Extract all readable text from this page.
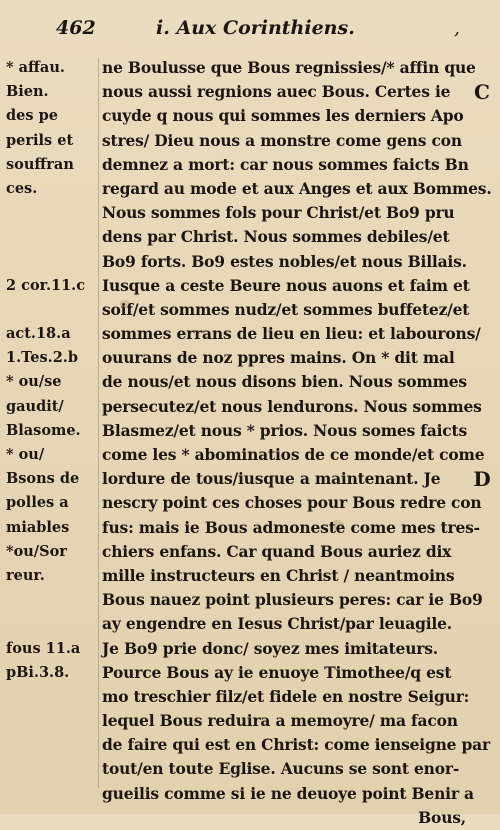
462	i. Aux Corinthiens.	,
* affau.
Bien.
des pe
perils et
souffran
ces.
2 cor.11.c
act.18.a
1.Tes.2.b
* ou/se
gaudit/
Blasome.
* ou/
Bsons de
polles a
miables
*ou/Sor
reur.
fous 11.a
pBi.3.8.
ne Boulusse que Bous regnissies/* affin que
nous aussi regnions auec Bous. Certes ie
cuyde q nous qui sommes les derniers Apo
stres/ Dieu nous a monstre come gens con
demnez a mort: car nous sommes faicts Bn
regard au mode et aux Anges et aux Bommes.
Nous sommes fols pour Christ/et Bo9 pru
dens par Christ. Nous sommes debiles/et
Bo9 forts. Bo9 estes nobles/et nous Billais.
Iusque a ceste Beure nous auons et faim et
soif/et sommes nudz/et sommes buffetez/et
sommes errans de lieu en lieu: et labourons/
ouurans de noz ppres mains. On * dit mal
de nous/et nous disons bien. Nous sommes
persecutez/et nous lendurons. Nous sommes
Blasmez/et nous * prios. Nous somes faicts
come les * abominatios de ce monde/et come
lordure de tous/iusque a maintenant. Je
nescry point ces choses pour Bous redre con
fus: mais ie Bous admoneste come mes tres-
chiers enfans. Car quand Bous auriez dix
mille instructeurs en Christ / neantmoins
Bous nauez point plusieurs peres: car ie Bo9
ay engendre en Iesus Christ/par leuagile.
Je Bo9 prie donc/ soyez mes imitateurs.
Pource Bous ay ie enuoye Timothee/q est
mo treschier filz/et fidele en nostre Seigur:
lequel Bous reduira a memoyre/ ma facon
de faire qui est en Christ: come ienseigne par
tout/en toute Eglise. Aucuns se sont enor-
gueilis comme si ie ne deuoye point Benir a
Bous,
C
D
